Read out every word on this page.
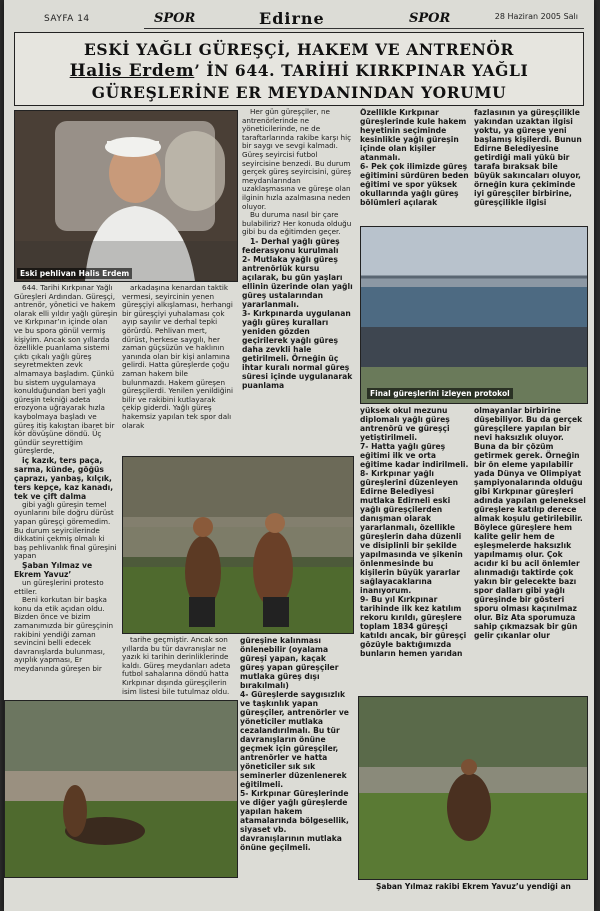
SAYFA 14	SPOR	Edirne	SPOR	28 Haziran 2005 Salı
ESKİ YAĞLI GÜREŞÇİ, HAKEM VE ANTRENÖR
Halis Erdem’ İN 644. TARİHİ KIRKPINAR YAĞLI
GÜREŞLERİNE ER MEYDANINDAN YORUMU
Eski pehlivan Halis Erdem

644. Tarihi Kırkpınar Yağlı Güreşleri Ardından. Güreşçi, antrenör, yönetici ve hakem olarak elli yıldır yağlı güreşin ve Kırkpınar’ın içinde olan ve bu spora gönül vermiş kişiyim. Ancak son yıllarda özellikle puanlama sistemi çıktı çıkalı yağlı güreş seyretmekten zevk almamaya başladım. Çünkü bu sistem uygulamaya konulduğundan beri yağlı güreşin tekniği adeta erozyona uğrayarak hızla kaybolmaya başladı ve güreş itiş kakıştan ibaret bir kör dövüşüne döndü. Üç gündür seyrettiğim güreşlerde,

iç kazık, ters paça, sarma, künde, göğüs çaprazı, yanbaş, kılçık, ters kepçe, kaz kanadı, tek ve çift dalma

gibi yağlı güreşin temel oyunlarını bile doğru dürüst yapan güreşçi göremedim. Bu durum seyircilerinde dikkatini çekmiş olmalı ki baş pehlivanlık final güreşini yapan

Şaban Yılmaz ve Ekrem Yavuz’

un güreşlerini protesto ettiler.

Beni korkutan bir başka konu da etik açıdan oldu. Bizden önce ve bizim zamanımızda bir güreşçinin rakibini yendiği zaman sevincini belli edecek davranışlarda bulunması, ayıplık yapması, Er meydanında güreşen bir

arkadaşına kenardan taktik vermesi, seyircinin yenen güreşçiyi alkışlaması, herhangi bir güreşçiyi yuhalaması çok ayıp sayılır ve derhal tepki görürdü. Pehlivan mert, dürüst, herkese saygılı, her zaman güçsüzün ve haklının yanında olan bir kişi anlamına gelirdi. Hatta güreşlerde çoğu zaman hakem bile bulunmazdı. Hakem güreşen güreşçilerdi. Yenilen yenildiğini bilir ve rakibini kutlayarak çekip giderdi. Yağlı güreş hakemsiz yapılan tek spor dalı olarak

Her gün güreşçiler, ne antrenörlerinde ne yöneticilerinde, ne de taraftarlarında rakibe karşı hiç bir saygı ve sevgi kalmadı. Güreş seyircisi futbol seyircisine benzedi. Bu durum gerçek güreş seyircisini, güreş meydanlarından uzaklaşmasına ve güreşe olan ilginin hızla azalmasına neden oluyor.

Bu duruma nasıl bir çare bulabiliriz? Her konuda olduğu gibi bu da eğitimden geçer.

1- Derhal yağlı güreş federasyonu kurulmalı
2- Mutlaka yağlı güreş antrenörlük kursu açılarak, bu gün yaşları ellinin üzerinde olan yağlı güreş ustalarından yararlanmalı.
3- Kırkpınarda uygulanan yağlı güreş kuralları yeniden gözden geçirilerek yağlı güreş daha zevkli hale getirilmeli. Örneğin üç ihtar kuralı normal güreş süresi içinde uygulanarak puanlama

tarihe geçmiştir. Ancak son yıllarda bu tür davranışlar ne yazık ki tarihin derinliklerinde kaldı. Güreş meydanları adeta futbol sahalarına döndü hatta Kırkpınar dışında güreşçilerin isim listesi bile tutulmaz oldu.

güreşine kalınması önlenebilir (oyalama güreşi yapan, kaçak güreş yapan güreşçiler mutlaka güreş dışı bırakılmalı)
4- Güreşlerde saygısızlık ve taşkınlık yapan güreşçiler, antrenörler ve yöneticiler mutlaka cezalandırılmalı. Bu tür davranışların önüne geçmek için güreşçiler, antrenörler ve hatta yöneticiler sık sık seminerler düzenlenerek eğitilmeli.
5- Kırkpınar Güreşlerinde ve diğer yağlı güreşlerde yapılan hakem atamalarında bölgesellik, siyaset vb. davranışlarının mutlaka önüne geçilmeli.
Özellikle Kırkpınar güreşlerinde kule hakem heyetinin seçiminde kesinlikle yağlı güreşin içinde olan kişiler atanmalı.
6- Pek çok ilimizde güreş eğitimini sürdüren beden eğitimi ve spor yüksek okullarında yağlı güreş bölümleri açılarak
fazlasının ya güreşçilikle yakından uzaktan ilgisi yoktu, ya güreşe yeni başlamış kişilerdi. Bunun Edirne Belediyesine getirdiği mali yükü bir tarafa bıraksak bile büyük sakıncaları oluyor, örneğin kura çekiminde iyi güreşçiler birbirine, güreşçilikle ilgisi
Final güreşlerini izleyen protokol
yüksek okul mezunu diplomalı yağlı güreş antrenörü ve güreşçi yetiştirilmeli.
7- Hatta yağlı güreş eğitimi ilk ve orta eğitime kadar indirilmeli.
8- Kırkpınar yağlı güreşlerini düzenleyen Edirne Belediyesi mutlaka Edirneli eski yağlı güreşçilerden danışman olarak yararlanmalı, özellikle güreşlerin daha düzenli ve disiplinli bir şekilde yapılmasında ve şikenin önlenmesinde bu kişilerin büyük yararlar sağlayacaklarına inanıyorum.
9- Bu yıl Kırkpınar tarihinde ilk kez katılım rekoru kırıldı, güreşlere toplam 1834 güreşçi katıldı ancak, bir güreşçi gözüyle baktığımızda bunların hemen yarıdan
olmayanlar birbirine düşebiliyor. Bu da gerçek güreşçilere yapılan bir nevi haksızlık oluyor. Buna da bir çözüm getirmek gerek. Örneğin bir ön eleme yapılabilir yada Dünya ve Olimpiyat şampiyonalarında olduğu gibi Kırkpınar güreşleri adında yapılan geleneksel güreşlere katılıp derece almak koşulu getirilebilir. Böylece güreşlere hem kalite gelir hem de eşleşmelerde haksızlık yapılmamış olur. Çok acıdır ki bu acil önlemler alınmadığı taktirde çok yakın bir gelecekte bazı spor dalları gibi yağlı güreşinde bir gösteri sporu olması kaçınılmaz olur. Biz Ata sporumuza sahip çıkmazsak bir gün gelir çıkanlar olur
Şaban Yılmaz rakibi Ekrem Yavuz’u yendiği an
